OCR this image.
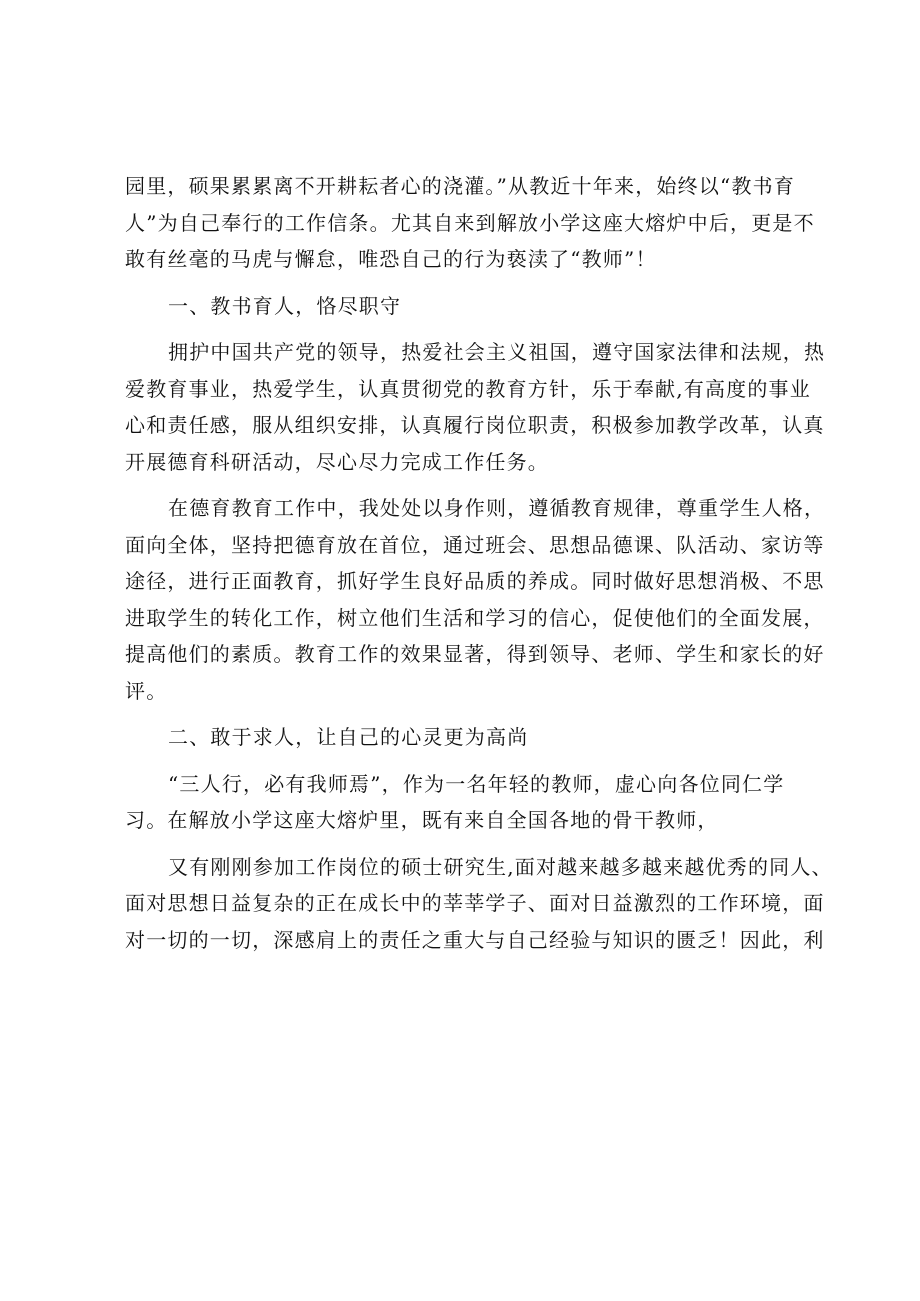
园里，硕果累累离不开耕耘者心的浇灌。”从教近十年来，始终以“教书育
人”为自己奉行的工作信条。尤其自来到解放小学这座大熔炉中后，更是不
敢有丝毫的马虎与懈怠，唯恐自己的行为亵渎了“教师”！
一、教书育人，恪尽职守
拥护中国共产党的领导，热爱社会主义祖国，遵守国家法律和法规，热
爱教育事业，热爱学生，认真贯彻党的教育方针，乐于奉献,有高度的事业
心和责任感，服从组织安排，认真履行岗位职责，积极参加教学改革，认真
开展德育科研活动，尽心尽力完成工作任务。
在德育教育工作中，我处处以身作则，遵循教育规律，尊重学生人格，
面向全体，坚持把德育放在首位，通过班会、思想品德课、队活动、家访等
途径，进行正面教育，抓好学生良好品质的养成。同时做好思想消极、不思
进取学生的转化工作，树立他们生活和学习的信心，促使他们的全面发展，
提高他们的素质。教育工作的效果显著，得到领导、老师、学生和家长的好
评。
二、敢于求人，让自己的心灵更为高尚
“三人行，必有我师焉”，作为一名年轻的教师，虚心向各位同仁学
习。在解放小学这座大熔炉里，既有来自全国各地的骨干教师，
又有刚刚参加工作岗位的硕士研究生,面对越来越多越来越优秀的同人、
面对思想日益复杂的正在成长中的莘莘学子、面对日益激烈的工作环境，面
对一切的一切，深感肩上的责任之重大与自己经验与知识的匮乏！因此，利
